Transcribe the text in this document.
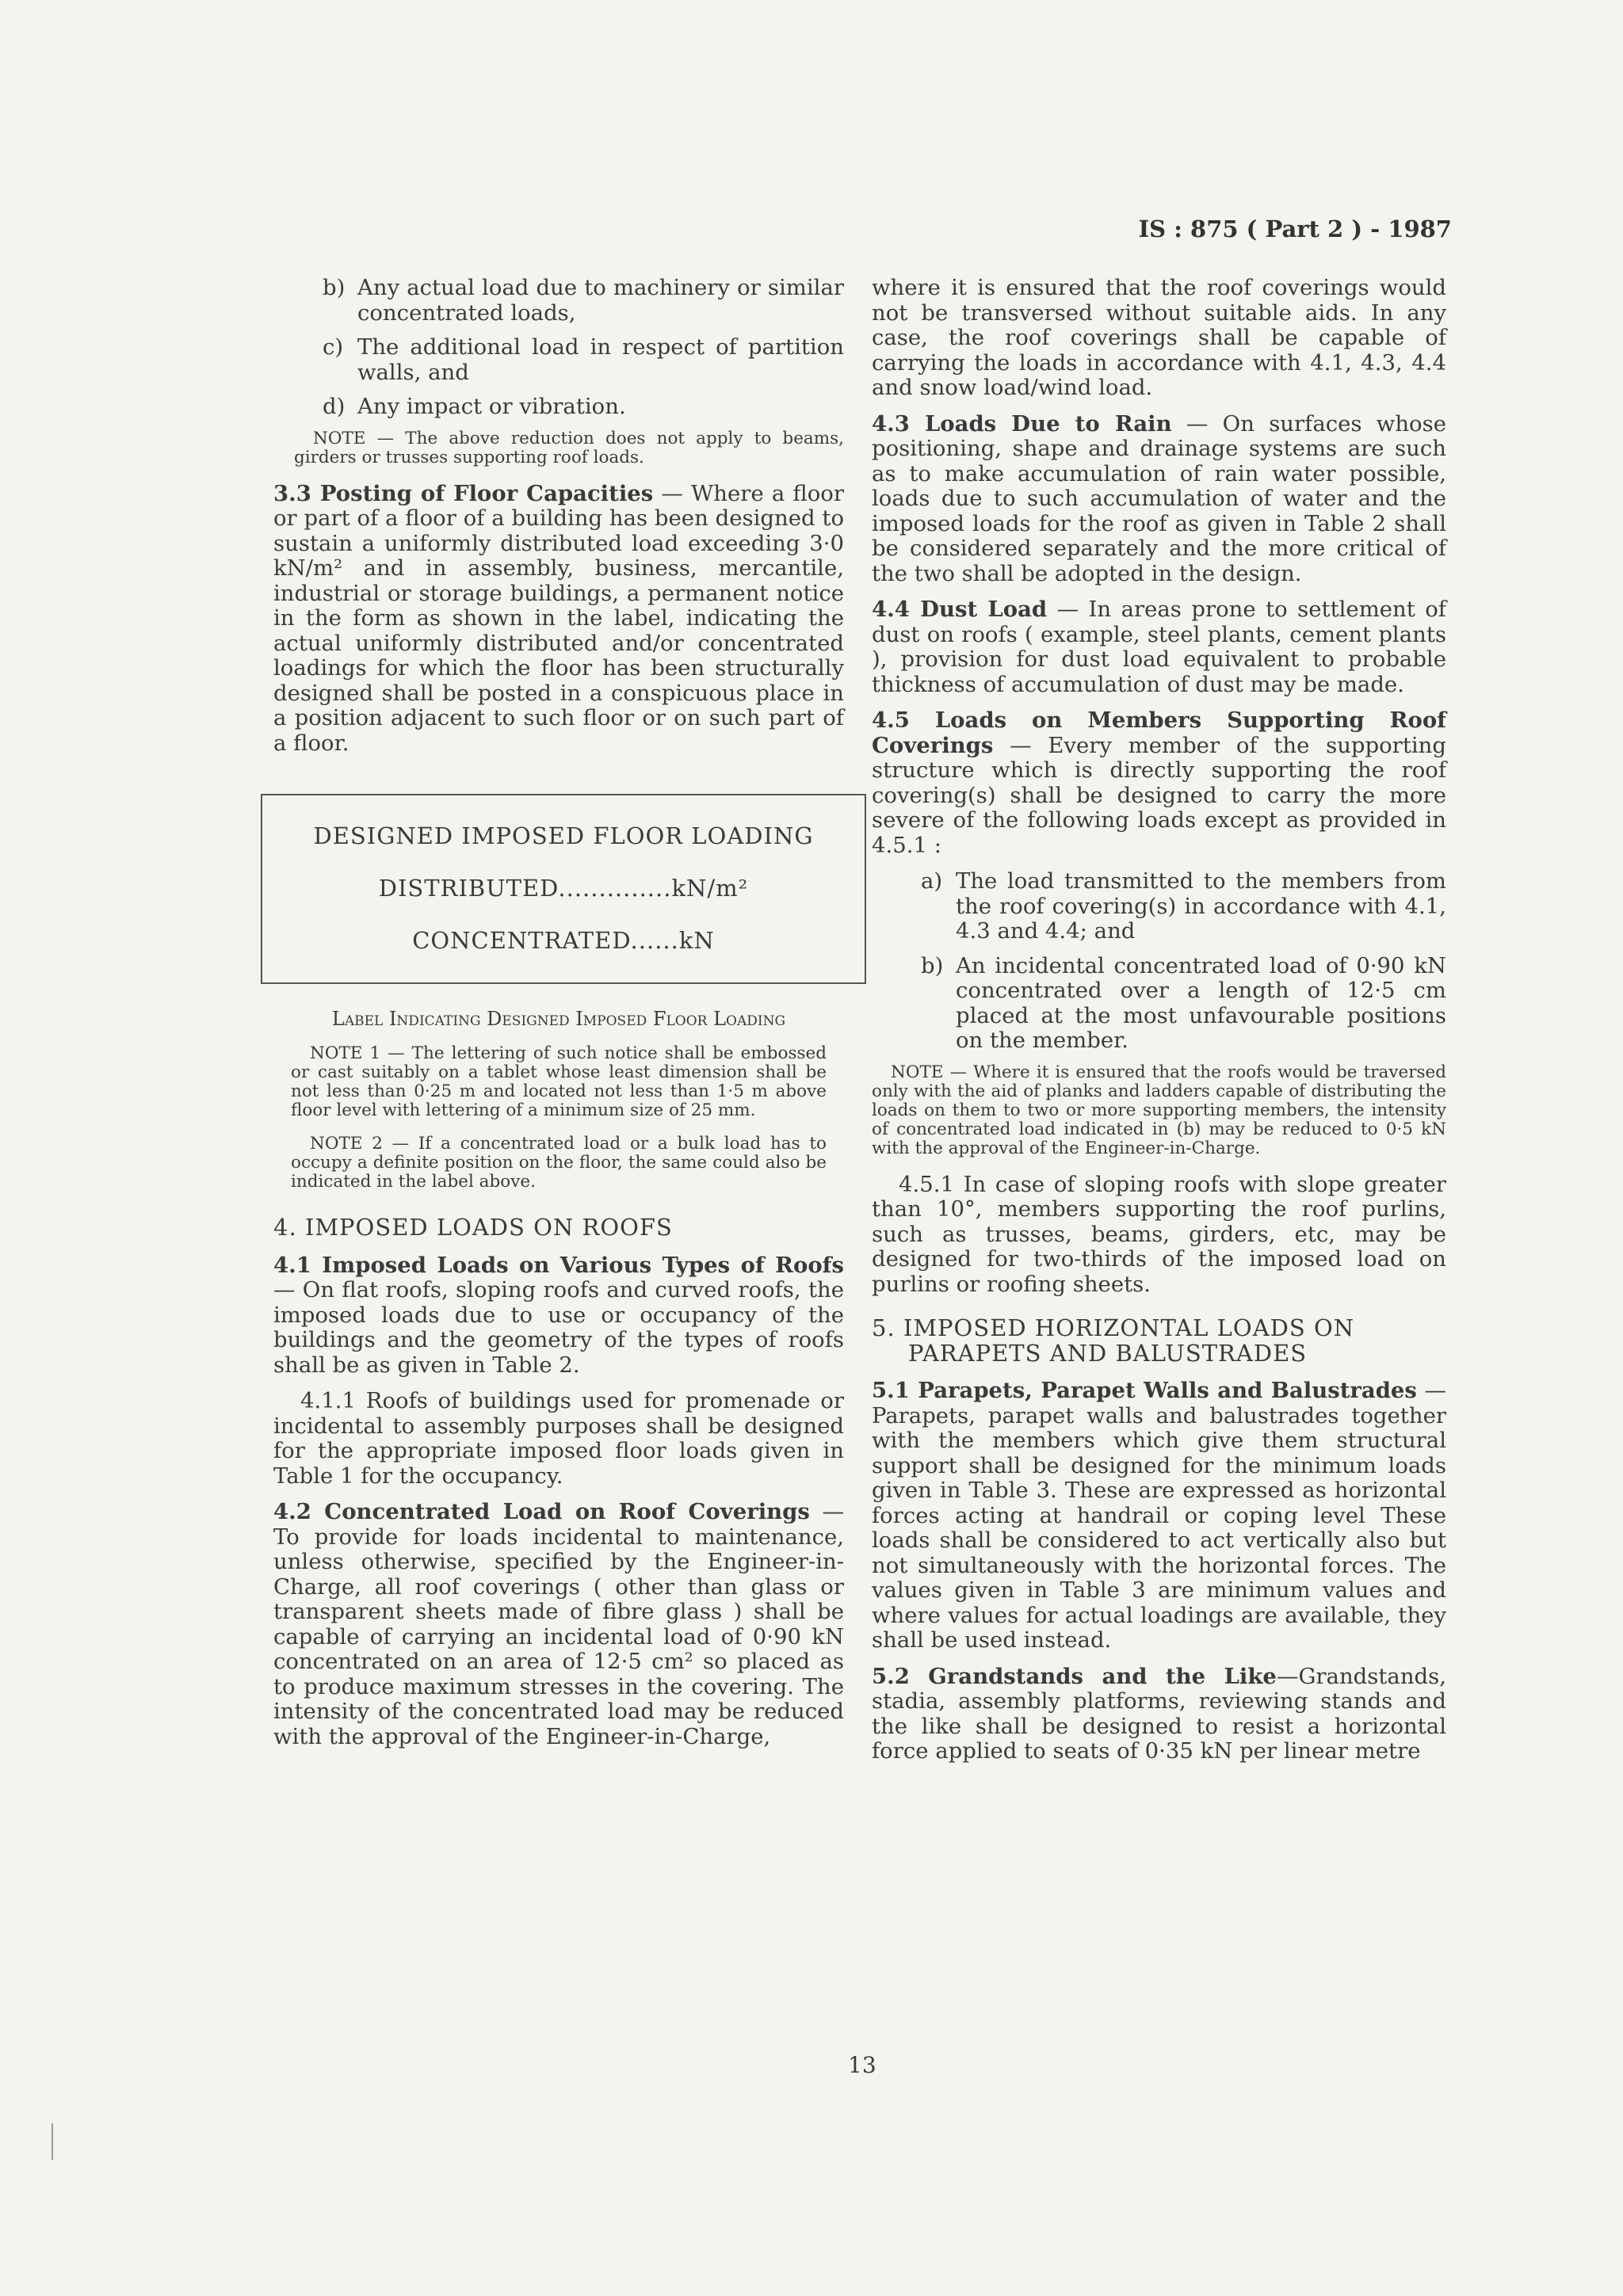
IS : 875 ( Part 2 ) - 1987
b) Any actual load due to machinery or similar concentrated loads,
c) The additional load in respect of partition walls, and
d) Any impact or vibration.

NOTE — The above reduction does not apply to beams, girders or trusses supporting roof loads.

3.3 Posting of Floor Capacities — Where a floor or part of a floor of a building has been designed to sustain a uniformly distributed load exceeding 3·0 kN/m² and in assembly, business, mercantile, industrial or storage buildings, a permanent notice in the form as shown in the label, indicating the actual uniformly distributed and/or concentrated loadings for which the floor has been structurally designed shall be posted in a conspicuous place in a position adjacent to such floor or on such part of a floor.

DESIGNED IMPOSED FLOOR LOADING
DISTRIBUTED..............kN/m²
CONCENTRATED......kN
Label Indicating Designed Imposed Floor Loading

NOTE 1 — The lettering of such notice shall be embossed or cast suitably on a tablet whose least dimension shall be not less than 0·25 m and located not less than 1·5 m above floor level with lettering of a minimum size of 25 mm.

NOTE 2 — If a concentrated load or a bulk load has to occupy a definite position on the floor, the same could also be indicated in the label above.

4. IMPOSED LOADS ON ROOFS

4.1 Imposed Loads on Various Types of Roofs — On flat roofs, sloping roofs and curved roofs, the imposed loads due to use or occupancy of the buildings and the geometry of the types of roofs shall be as given in Table 2.

4.1.1 Roofs of buildings used for promenade or incidental to assembly purposes shall be designed for the appropriate imposed floor loads given in Table 1 for the occupancy.

4.2 Concentrated Load on Roof Coverings — To provide for loads incidental to maintenance, unless otherwise, specified by the Engineer-in-Charge, all roof coverings ( other than glass or transparent sheets made of fibre glass ) shall be capable of carrying an incidental load of 0·90 kN concentrated on an area of 12·5 cm² so placed as to produce maximum stresses in the covering. The intensity of the concentrated load may be reduced with the approval of the Engineer-in-Charge,

where it is ensured that the roof coverings would not be transversed without suitable aids. In any case, the roof coverings shall be capable of carrying the loads in accordance with 4.1, 4.3, 4.4 and snow load/wind load.

4.3 Loads Due to Rain — On surfaces whose positioning, shape and drainage systems are such as to make accumulation of rain water possible, loads due to such accumulation of water and the imposed loads for the roof as given in Table 2 shall be considered separately and the more critical of the two shall be adopted in the design.

4.4 Dust Load — In areas prone to settlement of dust on roofs ( example, steel plants, cement plants ), provision for dust load equivalent to probable thickness of accumulation of dust may be made.

4.5 Loads on Members Supporting Roof Coverings — Every member of the supporting structure which is directly supporting the roof covering(s) shall be designed to carry the more severe of the following loads except as provided in 4.5.1 :

a) The load transmitted to the members from the roof covering(s) in accordance with 4.1, 4.3 and 4.4; and
b) An incidental concentrated load of 0·90 kN concentrated over a length of 12·5 cm placed at the most unfavourable positions on the member.

NOTE — Where it is ensured that the roofs would be traversed only with the aid of planks and ladders capable of distributing the loads on them to two or more supporting members, the intensity of concentrated load indicated in (b) may be reduced to 0·5 kN with the approval of the Engineer-in-Charge.

4.5.1 In case of sloping roofs with slope greater than 10°, members supporting the roof purlins, such as trusses, beams, girders, etc, may be designed for two-thirds of the imposed load on purlins or roofing sheets.

5. IMPOSED HORIZONTAL LOADS ON
PARAPETS AND BALUSTRADES

5.1 Parapets, Parapet Walls and Balustrades — Parapets, parapet walls and balustrades together with the members which give them structural support shall be designed for the minimum loads given in Table 3. These are expressed as horizontal forces acting at handrail or coping level These loads shall be considered to act vertically also but not simultaneously with the horizontal forces. The values given in Table 3 are minimum values and where values for actual loadings are available, they shall be used instead.

5.2 Grandstands and the Like—Grandstands, stadia, assembly platforms, reviewing stands and the like shall be designed to resist a horizontal force applied to seats of 0·35 kN per linear metre

13
